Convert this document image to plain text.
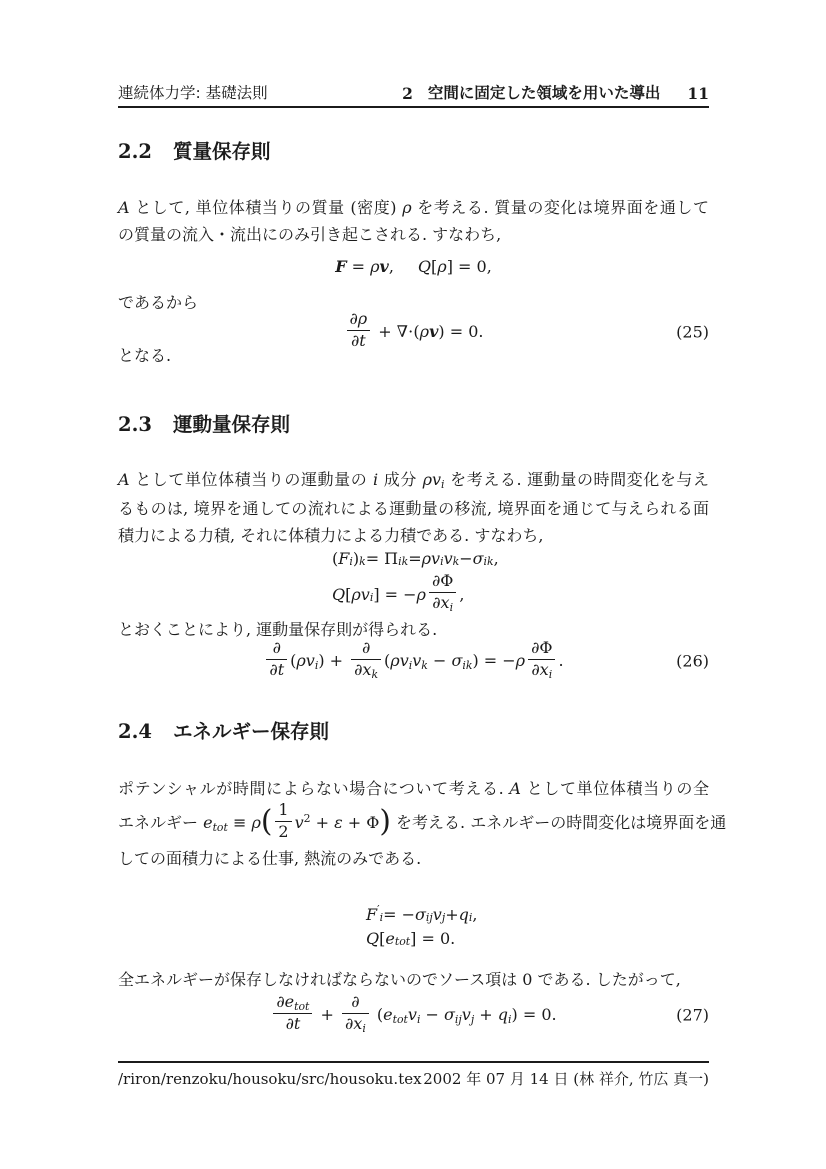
連続体力学: 基礎法則	2 空間に固定した領域を用いた導出 11
2.2 質量保存則
A として, 単位体積当りの質量 (密度) ρ を考える. 質量の変化は境界面を通して
の質量の流入・流出にのみ引き起こされる. すなわち,
F = ρv,  Q[ρ] = 0,
であるから
$\frac{\partial\rho}{\partial t} + \nabla\cdot(\rho v) = 0$.	(25)
となる.
2.3 運動量保存則
A として単位体積当りの運動量の i 成分 ρvi を考える. 運動量の時間変化を与え
るものは, 境界を通しての流れによる運動量の移流, 境界面を通じて与えられる面
積力による力積, それに体積力による力積である. すなわち,
( F i ) k = Π ik = ρv i v k − σ ik ,
Q [ ρv i ] = − ρ $\frac{\partial\Phi}{\partial xi}$ ,
とおくことにより, 運動量保存則が得られる.
$\frac{\partial}{\partial t} (\rho vi) + \frac{\partial}{\partial xk}$ (ρvivk − $\sigma ik) = -\rho \frac{\partial\Phi}{\partial xi}$ .	(26)
2.4 エネルギー保存則
ポテンシャルが時間によらない場合について考える. A として単位体積当りの全
エネルギー etot ≡ $\rho( \frac{1}{2} v^2 + \varepsilon + \Phi)$ を考える. エネルギーの時間変化は境界面を通
しての面積力による仕事, 熱流のみである.
F ′
i = − σ ij v j + q i ,
Q [ e tot ] = 0.
全エネルギーが保存しなければならないのでソース項は 0 である. したがって,
$\frac{\text{∂etot}}{\partial t} + \frac{\partial}{\partial xi}$ (etotvi − σijvj + qi) = 0.	(27)
/riron/renzoku/housoku/src/housoku.tex 2002 年 07 月 14 日 (林 祥介, 竹広 真一)
